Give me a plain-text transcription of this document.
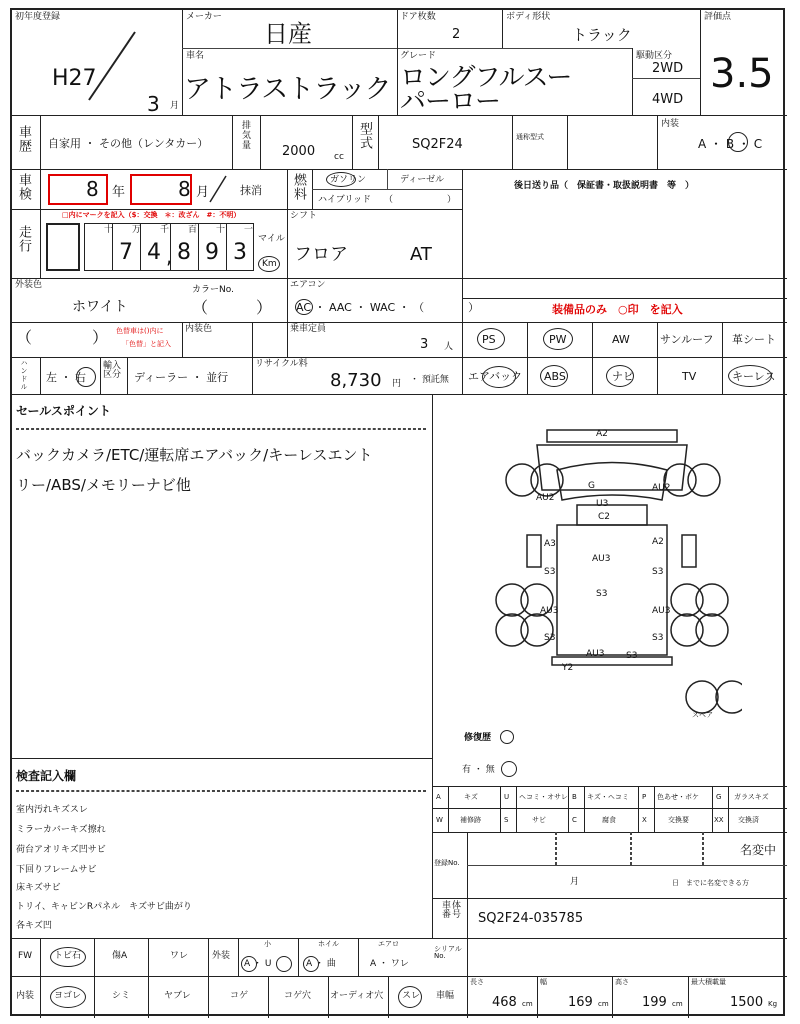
初年度登録
H27
3 月
メーカー
日産
ドア枚数
2
ボディ形状
トラック
評価点
3.5
車名
アトラストラック
グレード
ロングフルスー
パーロー
駆動区分
2WD
4WD
車歴 自家用 ・ その他（レンタカー）	排気量
2000 cc
型式	SQ2F24	通称型式
内装
A ・ B ・ C
車検	8 年	8 月	抹消 燃料	ガソリン	ディーゼル
ハイブリッド （　　　　　　）
後日送り品（　保証書・取扱説明書　等　）
走行
□内にマークを記入（$：交換　＊：改ざん　#：不明）
十 万 千 百 十 一
7 4 , 8 9 3
マイル
Km
シフト
フロア	AT
外装色
ホワイト
カラーNo.
（　　　）
エアコン
AC ・ AAC ・ WAC ・ （　　　　）	装備品のみ　○印　を記入
（	） 色替車は()内に
「色替」と記入
内装色	乗車定員
3 人
PS	PW	AW	サンルーフ 革シート
ハンドル 左 ・ 右
輸入区分	ディーラー ・ 並行
リサイクル料
8,730 円 ・ 預託無 エアバック ABS	ナビ	TV	キーレス
セールスポイント
バックカメラ/ETC/運転席エアバック/キーレスエント
リー/ABS/メモリーナビ他
A2
AU2
G	AU2
U3
C2
A3	A2
AU3
S3	S3
S3
AU3	AU3
S3	S3
AU3 S3
Y2
スペア
修復歴
有 ・ 無
A	キズ	U ヘコミ・オサレ B キズ・ヘコミ P 色あせ・ボケ G ガラスキズ
W 補修跡	S	サビ	C	腐食	X	交換要	XX 交換済
登録No.
名変中
月	日　までに名変できる方
検査記入欄
室内汚れキズスレ
ミラーカバーキズ擦れ
荷台アオリキズ凹サビ
下回りフレームサビ
床キズサビ
トリイ、キャビンRパネル　キズサビ曲がり
各キズ凹
車体番号 SQ2F24-035785
FW トビ石	傷A	ワレ	外装
小
A ・ U
ホイル
A ・ 曲
エアロ
A ・ ワレ
シリアルNo.
内装 ヨゴレ	シミ	ヤブレ	コゲ	コゲ穴 オーディオ穴 スレ 車幅
長さ
468 cm
幅
169 cm
高さ
199 cm
最大積載量
1500 Kg
